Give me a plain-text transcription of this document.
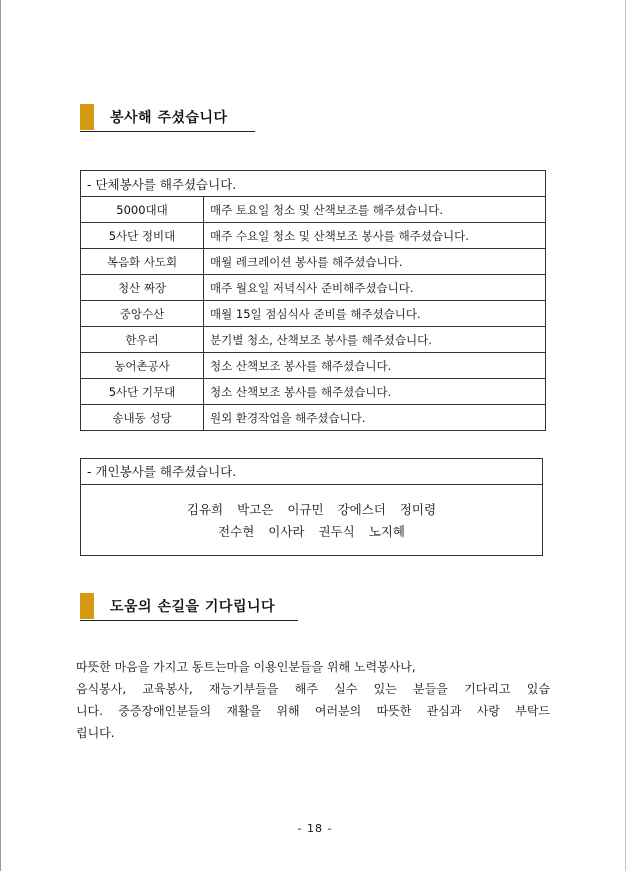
봉사해 주셨습니다
- 단체봉사를 해주셨습니다.	
5000대대	매주 토요일 청소 및 산책보조를 해주셨습니다.
5사단 정비대	매주 수요일 청소 및 산책보조 봉사를 해주셨습니다.
복음화 사도회	매월 레크레이션 봉사를 해주셨습니다.
청산 짜장	매주 월요일 저녁식사 준비해주셨습니다.
중앙수산	매월 15일 점심식사 준비를 해주셨습니다.
한우리	분기별 청소, 산책보조 봉사를 해주셨습니다.
농어촌공사	청소 산책보조 봉사를 해주셨습니다.
5사단 기무대	청소 산책보조 봉사를 해주셨습니다.
송내동 성당	원외 환경작업을 해주셨습니다.
- 개인봉사를 해주셨습니다.
김유희 박고은 이규민 강에스더 정미령
전수현 이사라 권두식 노지혜
도움의 손길을 기다립니다
따뜻한 마음을 가지고 동트는마을 이용인분들을 위해 노력봉사나,
음식봉사, 교육봉사, 재능기부들을 해주 실수 있는 분들을 기다리고 있습
니다. 중증장애인분들의 재활을 위해 여러분의 따뜻한 관심과 사랑 부탁드
립니다.
- 18 -
